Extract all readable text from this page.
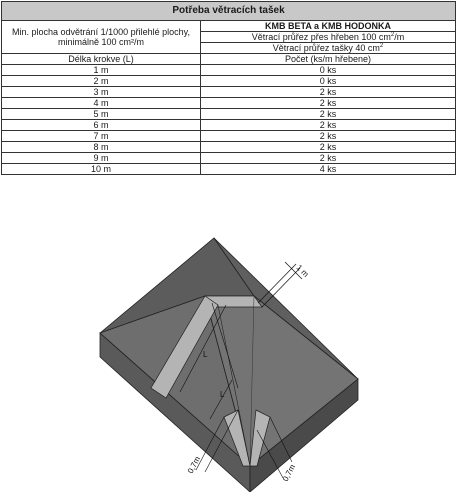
Potřeba větracích tašek	
Min. plocha odvětrání 1/1000 přilehlé plochy, minimálně 100 cm²/m	KMB BETA a KMB HODONKA
	Větrací průřez přes hřeben 100 $cm^2/m$
	Větrací průřez tašky 40 $cm^2$
Délka krokve (L)	Počet (ks/m hřebene)
1 m	0 ks
2 m	0 ks
3 m	2 ks
4 m	2 ks
5 m	2 ks
6 m	2 ks
7 m	2 ks
8 m	2 ks
9 m	2 ks
10 m	4 ks
1 m
L
L
0,7m	0,7m
